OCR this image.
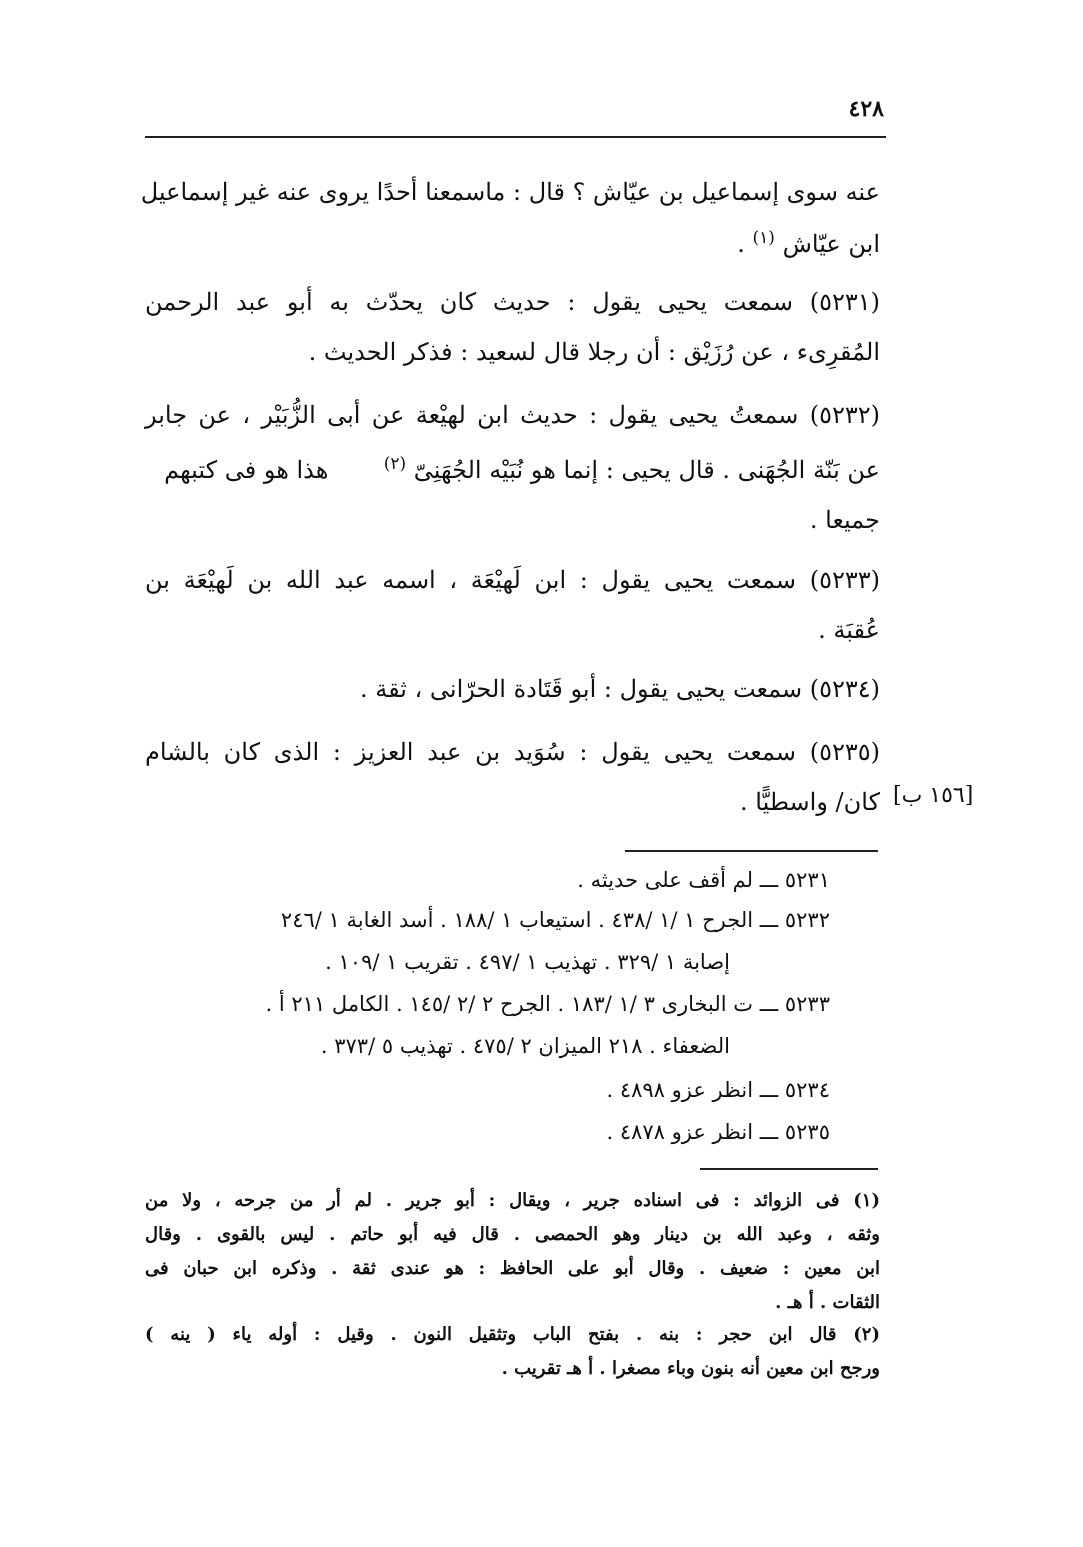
٤٢٨
عنه سوى إسماعيل بن عيّاش ؟ قال : ماسمعنا أحدًا يروى عنه غير إسماعيل
ابن عيّاش $^{(١)}$ .
(٥٢٣١) سمعت يحيى يقول : حديث كان يحدّث به أبو عبد الرحمن
المُقرِىء ، عن رُزَيْق : أن رجلا قال لسعيد : فذكر الحديث .
(٥٢٣٢) سمعتُ يحيى يقول : حديث ابن لهيْعة عن أبى الزُّبَيْر ، عن جابر
عن بَنّة الجُهَنى . قال يحيى : إنما هو نُبَيْه الجُهَنِىّ $^{(٢)}$  هذا هو فى كتبهم
جميعا .
(٥٢٣٣) سمعت يحيى يقول : ابن لَهيْعَة ، اسمه عبد الله بن لَهيْعَة بن
عُقبَة .
(٥٢٣٤) سمعت يحيى يقول : أبو قَتَادة الحرّانى ، ثقة .
(٥٢٣٥) سمعت يحيى يقول : سُوَيد بن عبد العزيز : الذى كان بالشام
كان/ واسطيًّا . [١٥٦ ب]
٥٢٣١ ـــ لم أقف على حديثه .
٥٢٣٢ ـــ الجرح ١ /١ /٤٣٨ . استيعاب ١ /١٨٨ . أسد الغابة ١ /٢٤٦
إصابة ١ /٣٢٩ . تهذيب ١ /٤٩٧ . تقريب ١ /١٠٩ .
٥٢٣٣ ـــ ت البخارى ٣ /١ /١٨٣ . الجرح ٢ /٢ /١٤٥ . الكامل ٢١١ أ .
الضعفاء . ٢١٨ الميزان ٢ /٤٧٥ . تهذيب ٥ /٣٧٣ .
٥٢٣٤ ـــ انظر عزو ٤٨٩٨ .
٥٢٣٥ ـــ انظر عزو ٤٨٧٨ .
(١) فى الزوائد : فى اسناده جرير ، ويقال : أبو جرير . لم أر من جرحه ، ولا من
وثقه ، وعبد الله بن دينار وهو الحمصى . قال فيه أبو حاتم . ليس بالقوى . وقال
ابن معين : ضعيف . وقال أبو على الحافظ : هو عندى ثقة . وذكره ابن حبان فى
الثقات . أ هـ .
(٢) قال ابن حجر : بنه . بفتح الباب وتثقيل النون . وقيل : أوله ياء ( ينه )
ورجح ابن معين أنه بنون وباء مصغرا . أ هـ تقريب .
